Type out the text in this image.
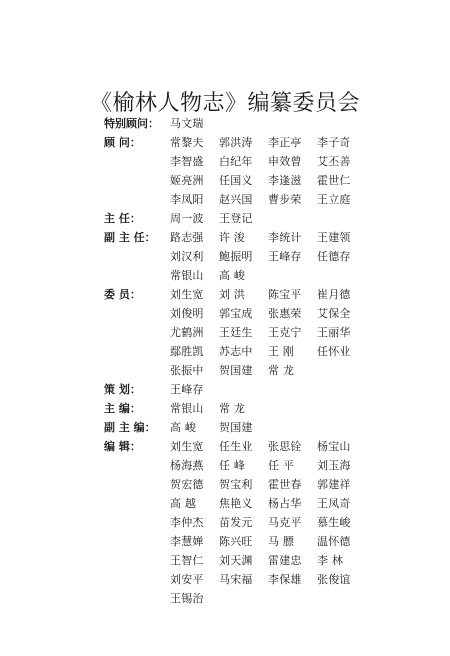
《榆林人物志》编纂委员会
特别顾问：	马文瑞
顾 问：	常黎夫	郭洪涛	李正亭	李子奇
李智盛	白纪年	申效曾	艾丕善
姬亮洲	任国义	李逢滋	霍世仁
李凤阳	赵兴国	曹步荣	王立庭
主 任：	周一波	王登记
副 主 任：	路志强	许 浚	李统计	王建领
刘汉利	鲍振明	王峰存	任德存
常银山	高 峻
委 员：	刘生宽	刘 洪	陈宝平	崔月德
刘俊明	郭宝成	张惠荣	艾保全
尤鹤洲	王廷生	王克宁	王丽华
鄢胜凯	苏志中	王 刚	任怀业
张振中	贺国建	常 龙
策 划：	王峰存
主 编：	常银山	常 龙
副 主 编：	高 峻	贺国建
编 辑：	刘生宽	任生业	张思铨	杨宝山
杨海燕	任 峰	任 平	刘玉海
贺宏德	贺宝利	霍世春	郭建祥
高 越	焦艳义	杨占华	王凤奇
李仲杰	苗发元	马克平	慕生峻
李慧婵	陈兴旺	马 膘	温怀德
王智仁	刘天渊	雷建忠	李 林
刘安平	马宋福	李保雄	张俊谊
王锡治
